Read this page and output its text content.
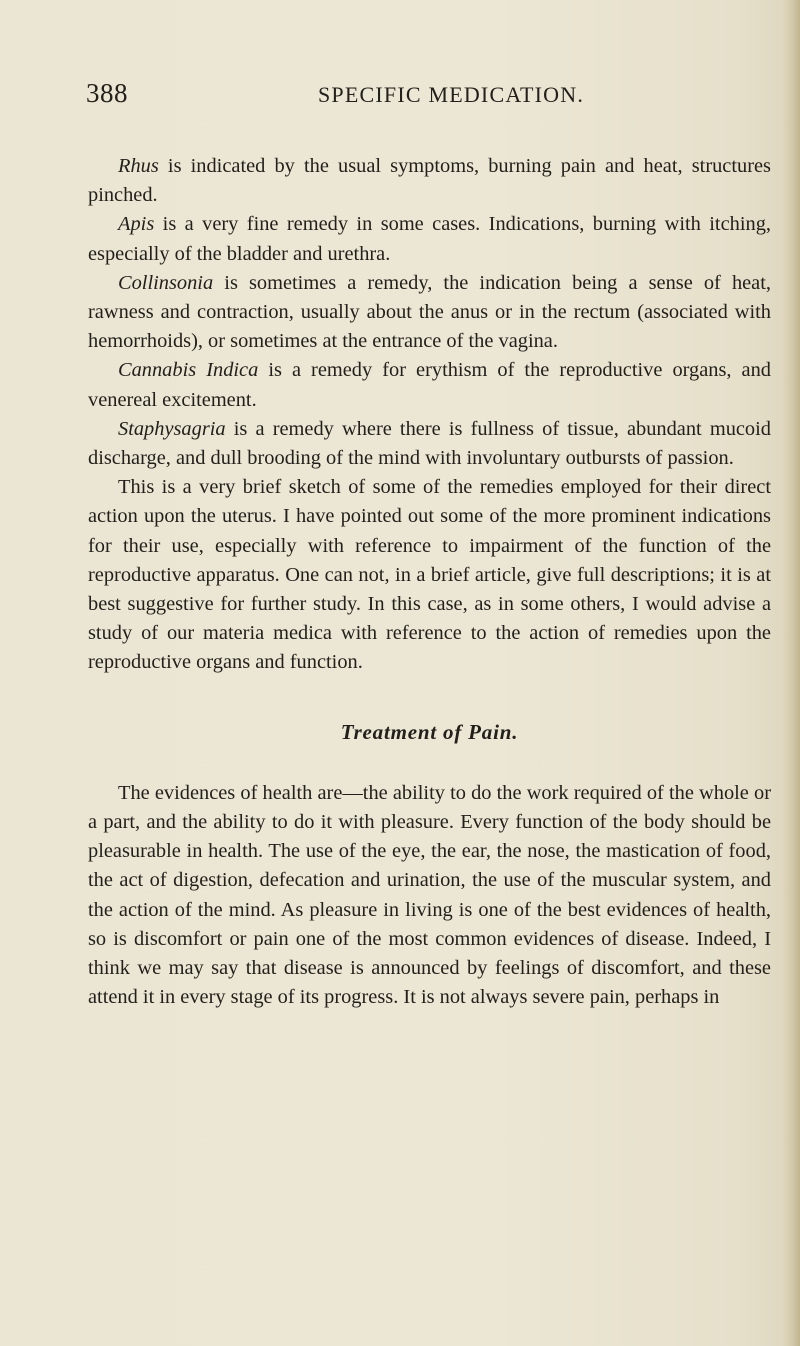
388	SPECIFIC MEDICATION.

Rhus is indicated by the usual symptoms, burning pain and heat, structures pinched.

Apis is a very fine remedy in some cases. Indications, burning with itching, especially of the bladder and urethra.

Collinsonia is sometimes a remedy, the indication being a sense of heat, rawness and contraction, usually about the anus or in the rectum (associated with hemorrhoids), or sometimes at the entrance of the vagina.

Cannabis Indica is a remedy for erythism of the reproductive organs, and venereal excitement.

Staphysagria is a remedy where there is fullness of tissue, abundant mucoid discharge, and dull brooding of the mind with involuntary outbursts of passion.

This is a very brief sketch of some of the remedies employed for their direct action upon the uterus. I have pointed out some of the more prominent indications for their use, especially with reference to impairment of the function of the reproductive apparatus. One can not, in a brief article, give full descriptions; it is at best suggestive for further study. In this case, as in some others, I would advise a study of our materia medica with reference to the action of remedies upon the reproductive organs and function.

Treatment of Pain.

The evidences of health are—the ability to do the work required of the whole or a part, and the ability to do it with pleasure. Every function of the body should be pleasurable in health. The use of the eye, the ear, the nose, the mastication of food, the act of digestion, defecation and urination, the use of the muscular system, and the action of the mind. As pleasure in living is one of the best evidences of health, so is discomfort or pain one of the most common evidences of disease. Indeed, I think we may say that disease is announced by feelings of discomfort, and these attend it in every stage of its progress. It is not always severe pain, perhaps in
